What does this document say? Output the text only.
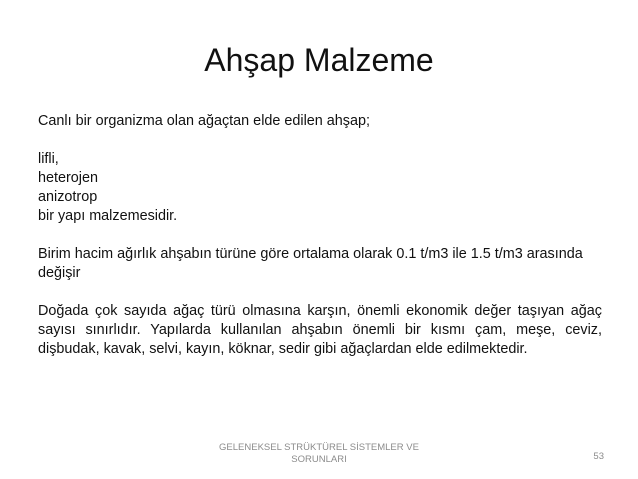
Ahşap Malzeme

Canlı bir organizma olan ağaçtan elde edilen ahşap;

lifli,
heterojen
anizotrop
bir yapı malzemesidir.

Birim hacim ağırlık ahşabın türüne göre ortalama olarak 0.1 t/m3 ile 1.5 t/m3 arasında değişir

Doğada çok sayıda ağaç türü olmasına karşın, önemli ekonomik değer taşıyan ağaç sayısı sınırlıdır. Yapılarda kullanılan ahşabın önemli bir kısmı çam, meşe, ceviz, dişbudak, kavak, selvi, kayın, köknar, sedir gibi ağaçlardan elde edilmektedir.

GELENEKSEL STRÜKTÜREL SİSTEMLER VE SORUNLARI	53
